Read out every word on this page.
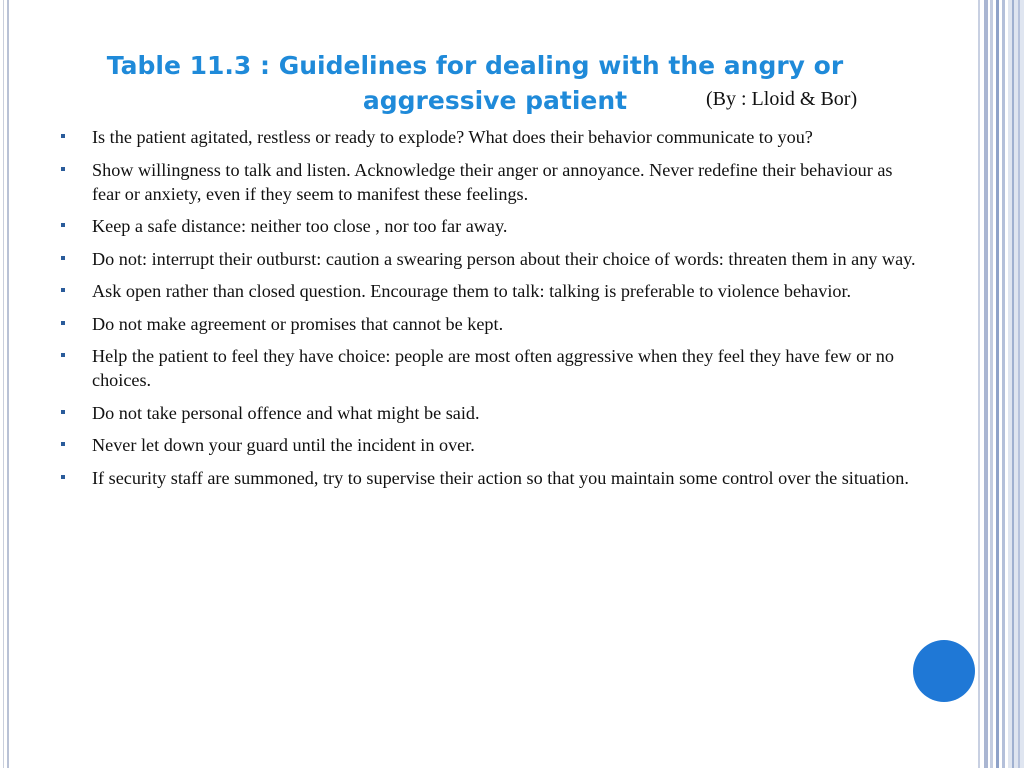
Table 11.3 : Guidelines for dealing with the angry or
aggressive patient	(By : Lloid & Bor)
Is the patient agitated, restless or ready to explode? What does their behavior communicate to you?
Show willingness to talk and listen. Acknowledge their anger or annoyance. Never redefine their behaviour as fear or anxiety, even if they seem to manifest these feelings.
Keep a safe distance: neither too close , nor too far away.
Do not: interrupt their outburst: caution a swearing person about their choice of words: threaten them in any way.
Ask open rather than closed question. Encourage them to talk: talking is preferable to violence behavior.
Do not make agreement or promises that cannot be kept.
Help the patient to feel they have choice: people are most often aggressive when they feel they have few or no choices.
Do not take personal offence and what might be said.
Never let down your guard until the incident in over.
If security staff are summoned, try to supervise their action so that you maintain some control over the situation.
